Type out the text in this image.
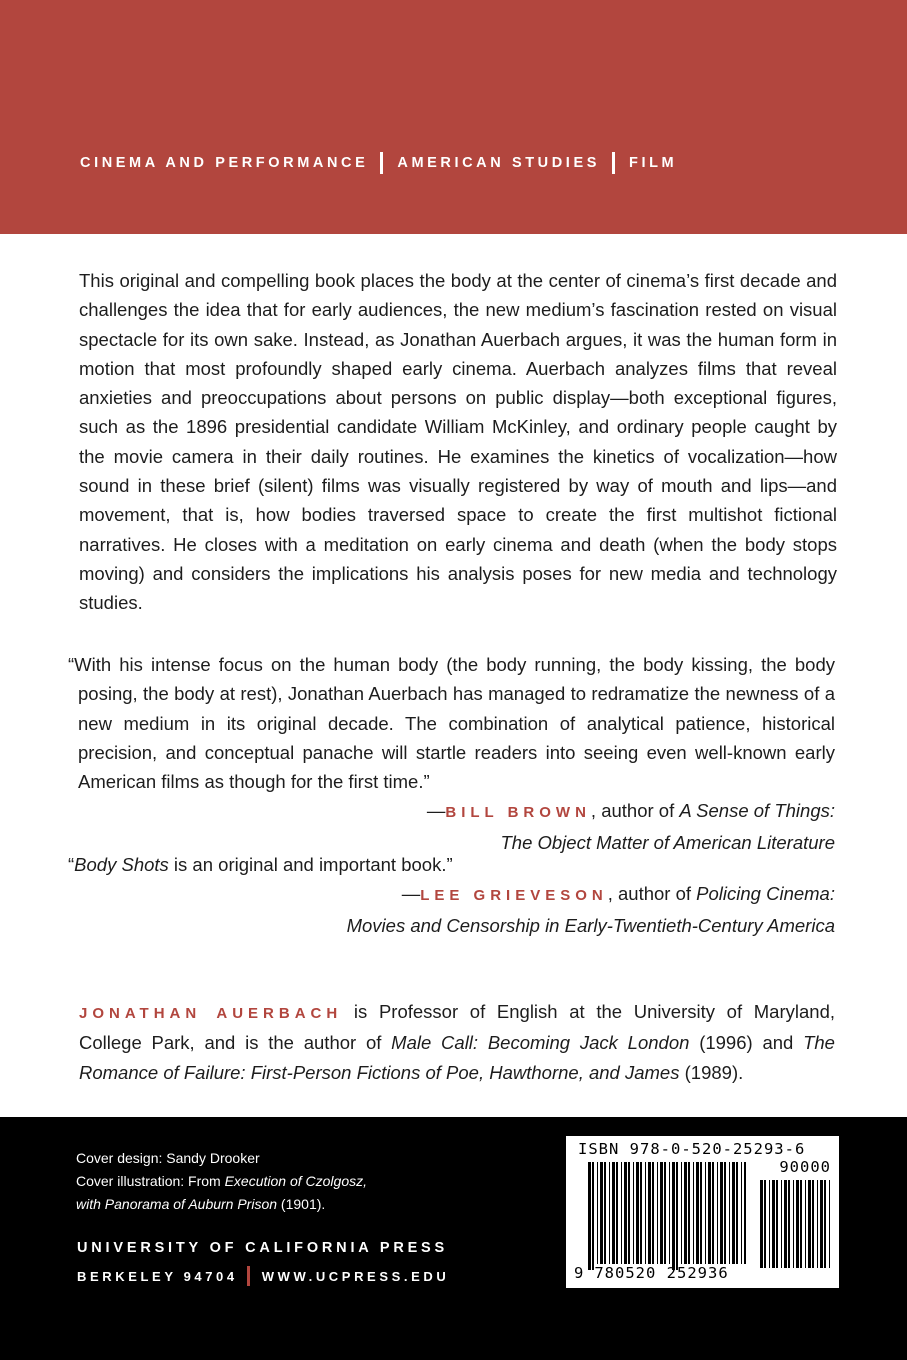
CINEMA AND PERFORMANCE AMERICAN STUDIES FILM

This original and compelling book places the body at the center of cinema’s first decade and challenges the idea that for early audiences, the new medium’s fascination rested on visual spectacle for its own sake. Instead, as Jonathan Auerbach argues, it was the human form in motion that most profoundly shaped early cinema. Auerbach analyzes films that reveal anxieties and preoccupations about persons on public display—both exceptional figures, such as the 1896 presidential candidate William McKinley, and ordinary people caught by the movie camera in their daily routines. He examines the kinetics of vocalization—how sound in these brief (silent) films was visually registered by way of mouth and lips—and movement, that is, how bodies traversed space to create the first multishot fictional narratives. He closes with a meditation on early cinema and death (when the body stops moving) and considers the implications his analysis poses for new media and technology studies.

“With his intense focus on the human body (the body running, the body kissing, the body posing, the body at rest), Jonathan Auerbach has managed to redramatize the newness of a new medium in its original decade. The combination of analytical patience, historical precision, and conceptual panache will startle readers into seeing even well-known early American films as though for the first time.”

—BILL BROWN, author of A Sense of Things:

The Object Matter of American Literature

“Body Shots is an original and important book.”

—LEE GRIEVESON, author of Policing Cinema:

Movies and Censorship in Early-Twentieth-Century America

JONATHAN AUERBACH is Professor of English at the University of Maryland, College Park, and is the author of Male Call: Becoming Jack London (1996) and The Romance of Failure: First-Person Fictions of Poe, Hawthorne, and James (1989).

Cover design: Sandy Drooker
Cover illustration: From Execution of Czolgosz,
with Panorama of Auburn Prison (1901).
UNIVERSITY OF CALIFORNIA PRESS
BERKELEY 94704 WWW.UCPRESS.EDU
ISBN 978-0-520-25293-6
90000
9 780520 252936
